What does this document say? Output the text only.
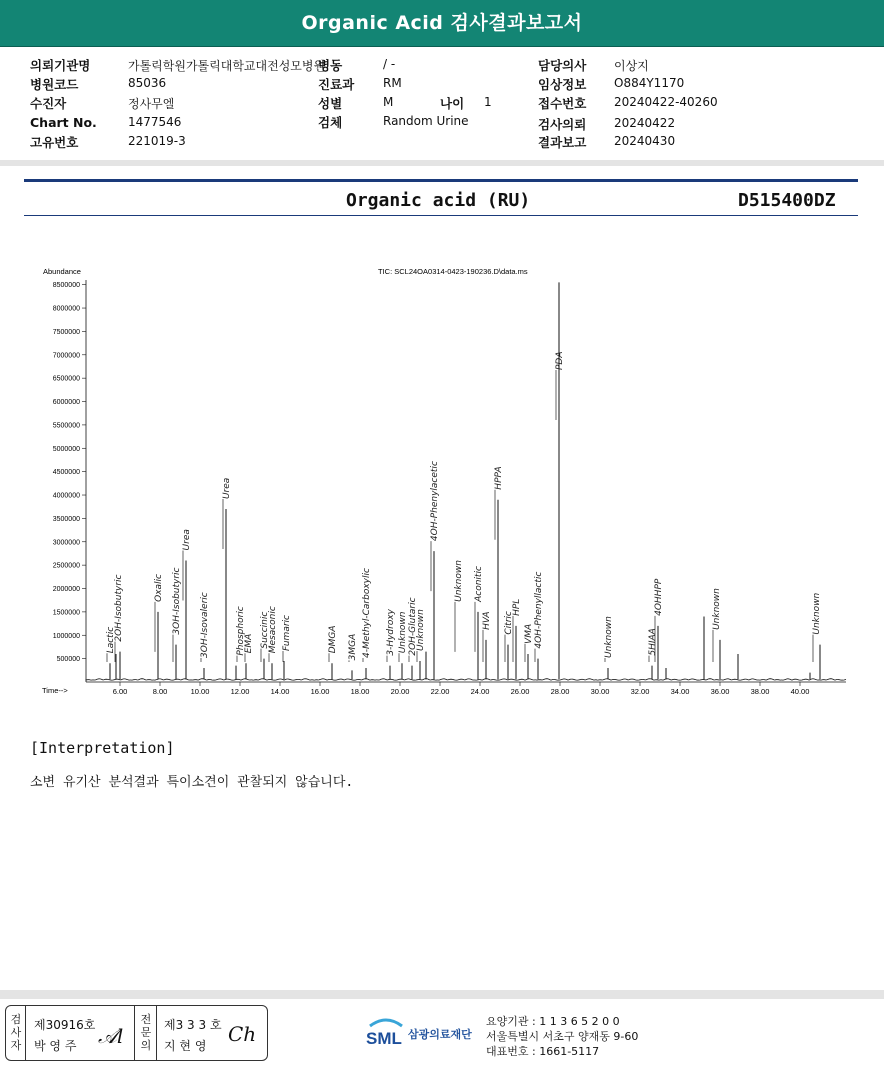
Organic Acid 검사결과보고서
의뢰기관명	가톨릭학원가톨릭대학교대전성모병원
병원코드	85036
수진자	정사무엘
Chart No.	1477546
고유번호	221019-3
병동	/ -
진료과 RM
성별	M	나이 1
검체	Random Urine
담당의사 이상지
임상정보 O884Y1170
접수번호 20240422-40260
검사의뢰 20240422
결과보고 20240430
Organic acid (RU)	D515400DZ
Abundance	TIC: SCL24OA0314-0423-190236.D\data.ms
Time-->
500000
1000000
1500000
2000000
2500000
3000000
3500000
4000000
4500000
5000000
5500000
6000000
6500000
7000000
7500000
8000000
8500000
6.00	8.00	10.00	12.00	14.00	16.00	18.00	20.00	22.00	24.00	26.00	28.00	30.00	32.00	34.00	36.00	38.00	40.00
Lactic
2OH-Isobutyric	Oxalic 3OH-Isobutyric
Urea
3OH-Isovaleric
Urea
Phosphoric
EMA Succinic
Mesaconic Fumaric	DMGA 3MGA 4-Methyl-Carboxylic 3-Hydroxy Unknown 2OH-Glutaric
Unknown
4OH-Phenylacetic
Unknown Aconitic
HVA
HPPA
Citric
HPL
VMA 4OH-Phenyllactic
PDA
Unknown	5HIAA
4OHHPP	Unknown	Unknown
[Interpretation]
소변 유기산 분석결과 특이소견이 관찰되지 않습니다.
검사자
제30916호
박 영 주 𝒜l
전문의
제3 3 3 호
지 현 영 Ch	SML 삼광의료재단
요양기관 : 1 1 3 6 5 2 0 0
서울특별시 서초구 양재동 9-60
대표번호 : 1661-5117
